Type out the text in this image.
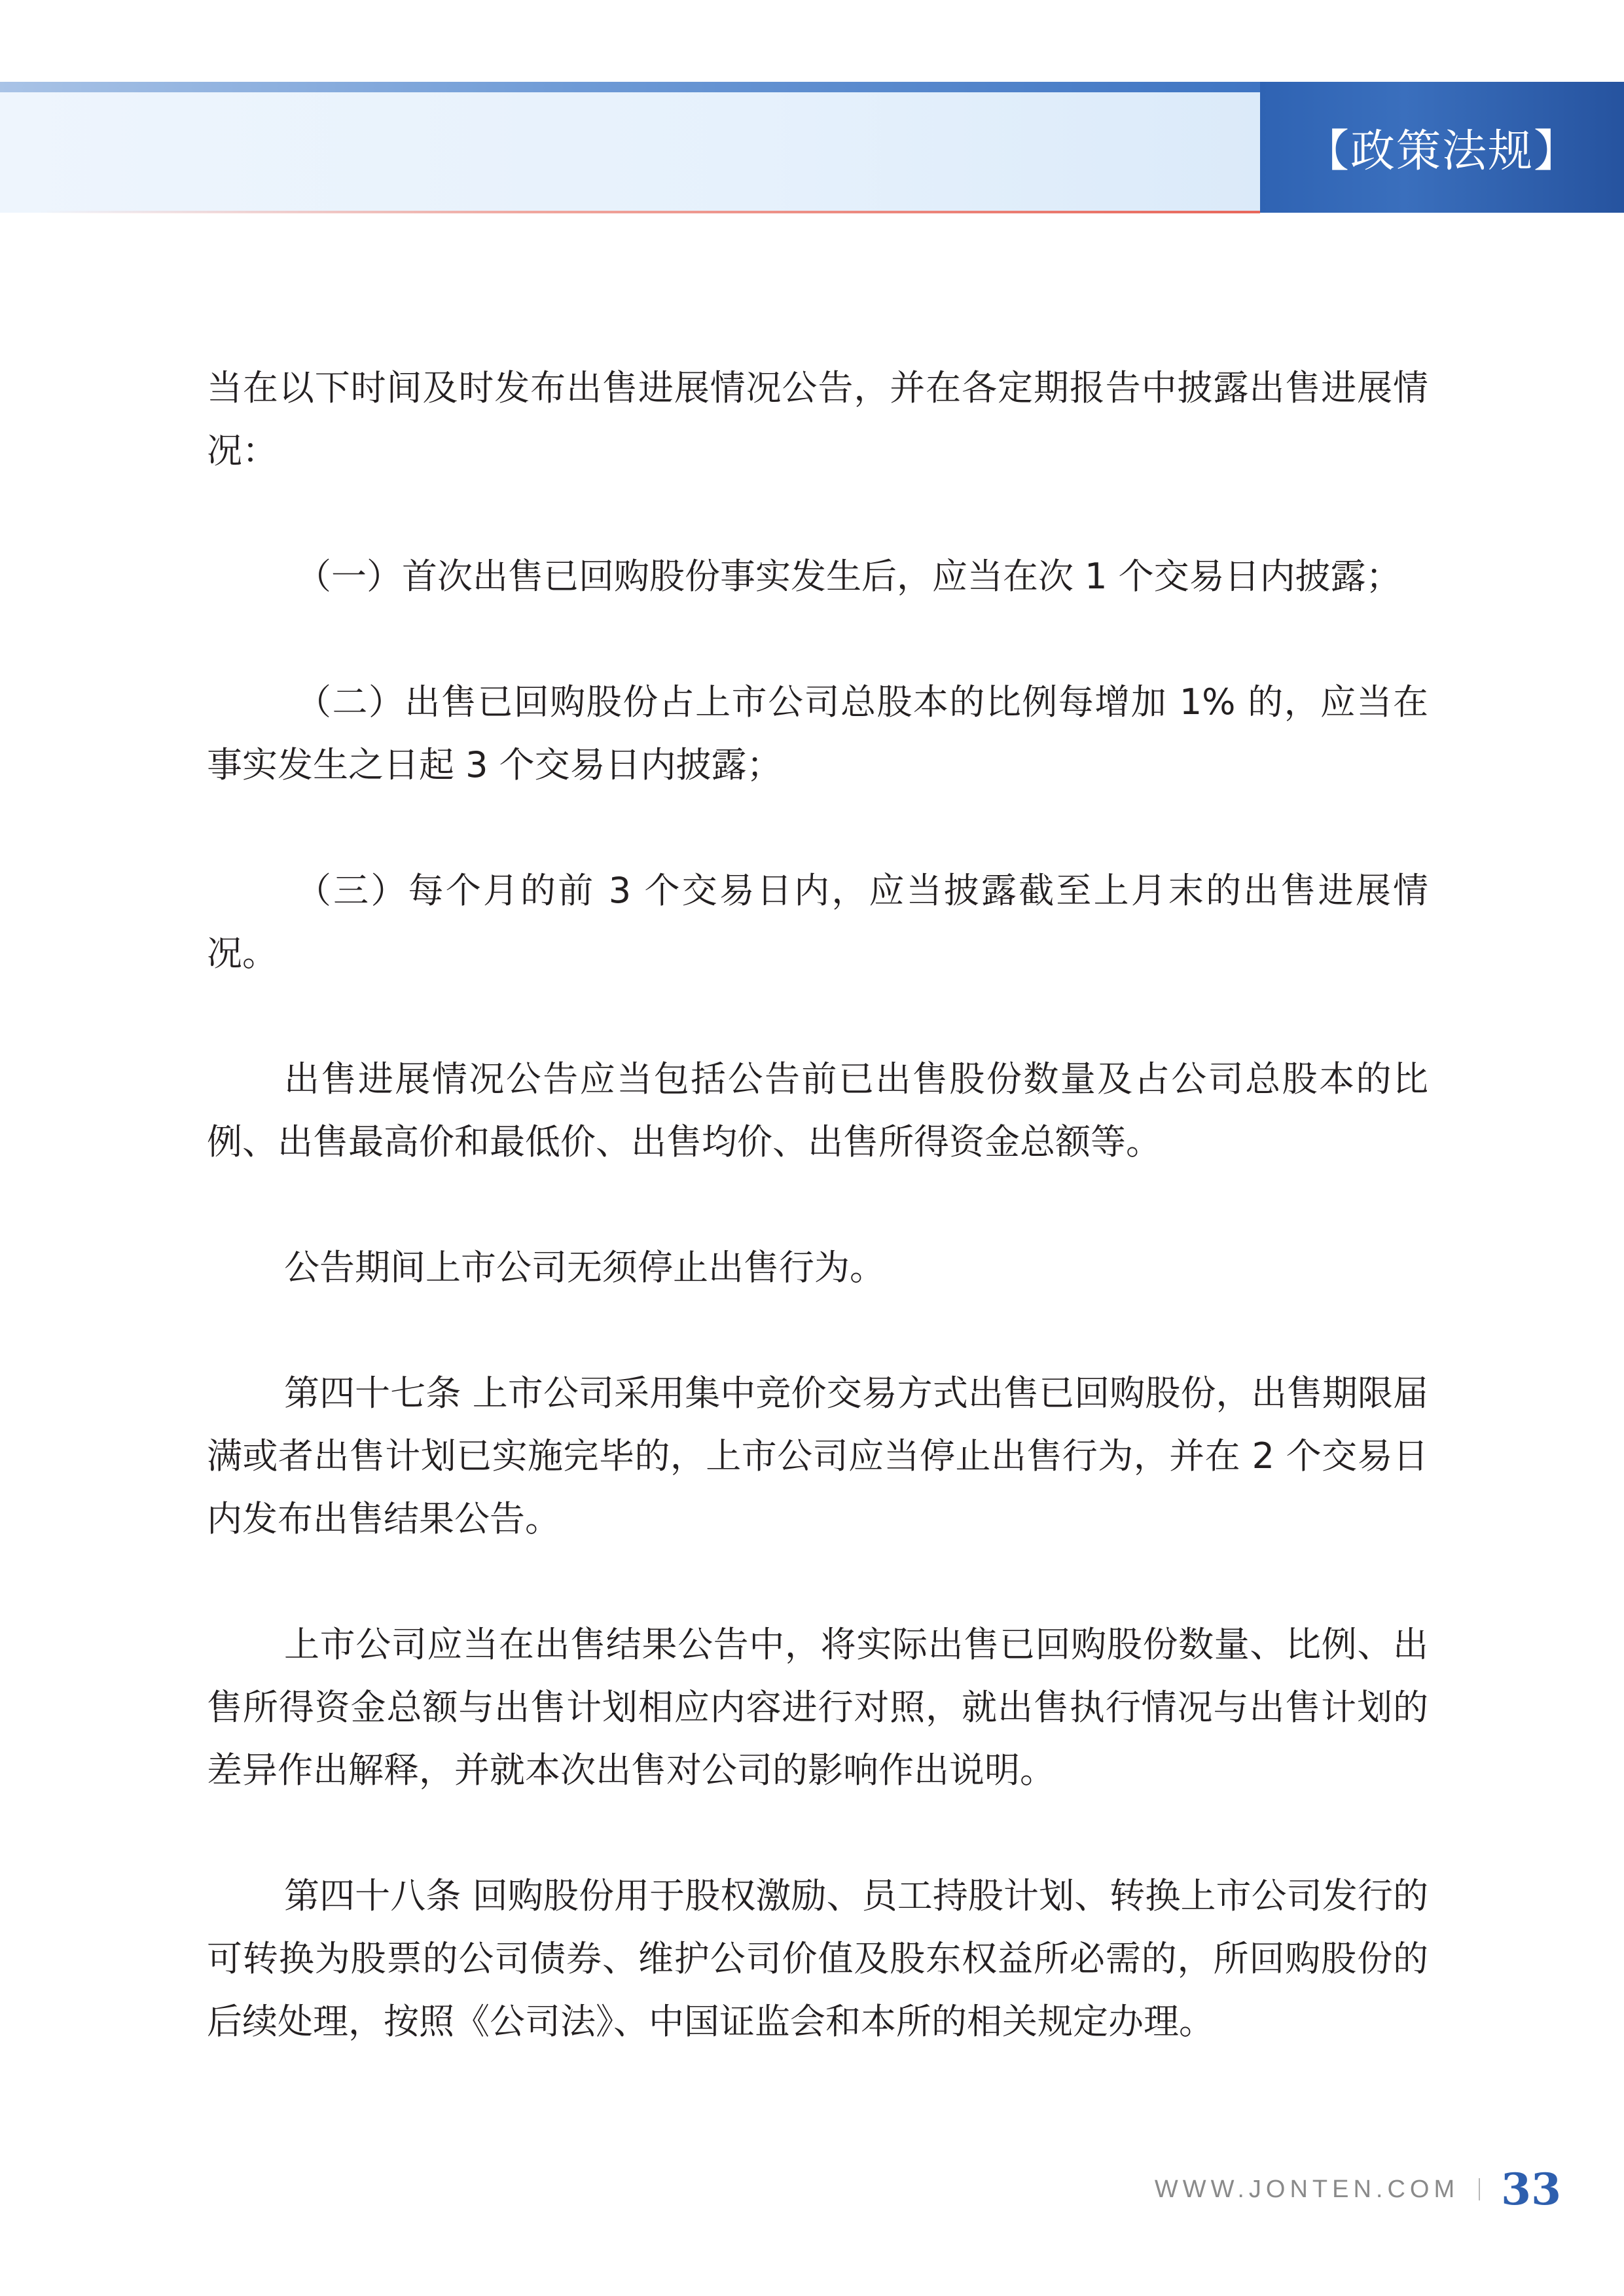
【政策法规】

当在以下时间及时发布出售进展情况公告，并在各定期报告中披露出售进展情况：

（一）首次出售已回购股份事实发生后，应当在次 1 个交易日内披露；

（二）出售已回购股份占上市公司总股本的比例每增加 1% 的，应当在事实发生之日起 3 个交易日内披露；

（三）每个月的前 3 个交易日内，应当披露截至上月末的出售进展情况。

出售进展情况公告应当包括公告前已出售股份数量及占公司总股本的比例、出售最高价和最低价、出售均价、出售所得资金总额等。

公告期间上市公司无须停止出售行为。

第四十七条 上市公司采用集中竞价交易方式出售已回购股份，出售期限届满或者出售计划已实施完毕的，上市公司应当停止出售行为，并在 2 个交易日内发布出售结果公告。

上市公司应当在出售结果公告中，将实际出售已回购股份数量、比例、出售所得资金总额与出售计划相应内容进行对照，就出售执行情况与出售计划的差异作出解释，并就本次出售对公司的影响作出说明。

第四十八条 回购股份用于股权激励、员工持股计划、转换上市公司发行的可转换为股票的公司债券、维护公司价值及股东权益所必需的，所回购股份的后续处理，按照《公司法》、中国证监会和本所的相关规定办理。

WWW.JONTEN.COM 33
